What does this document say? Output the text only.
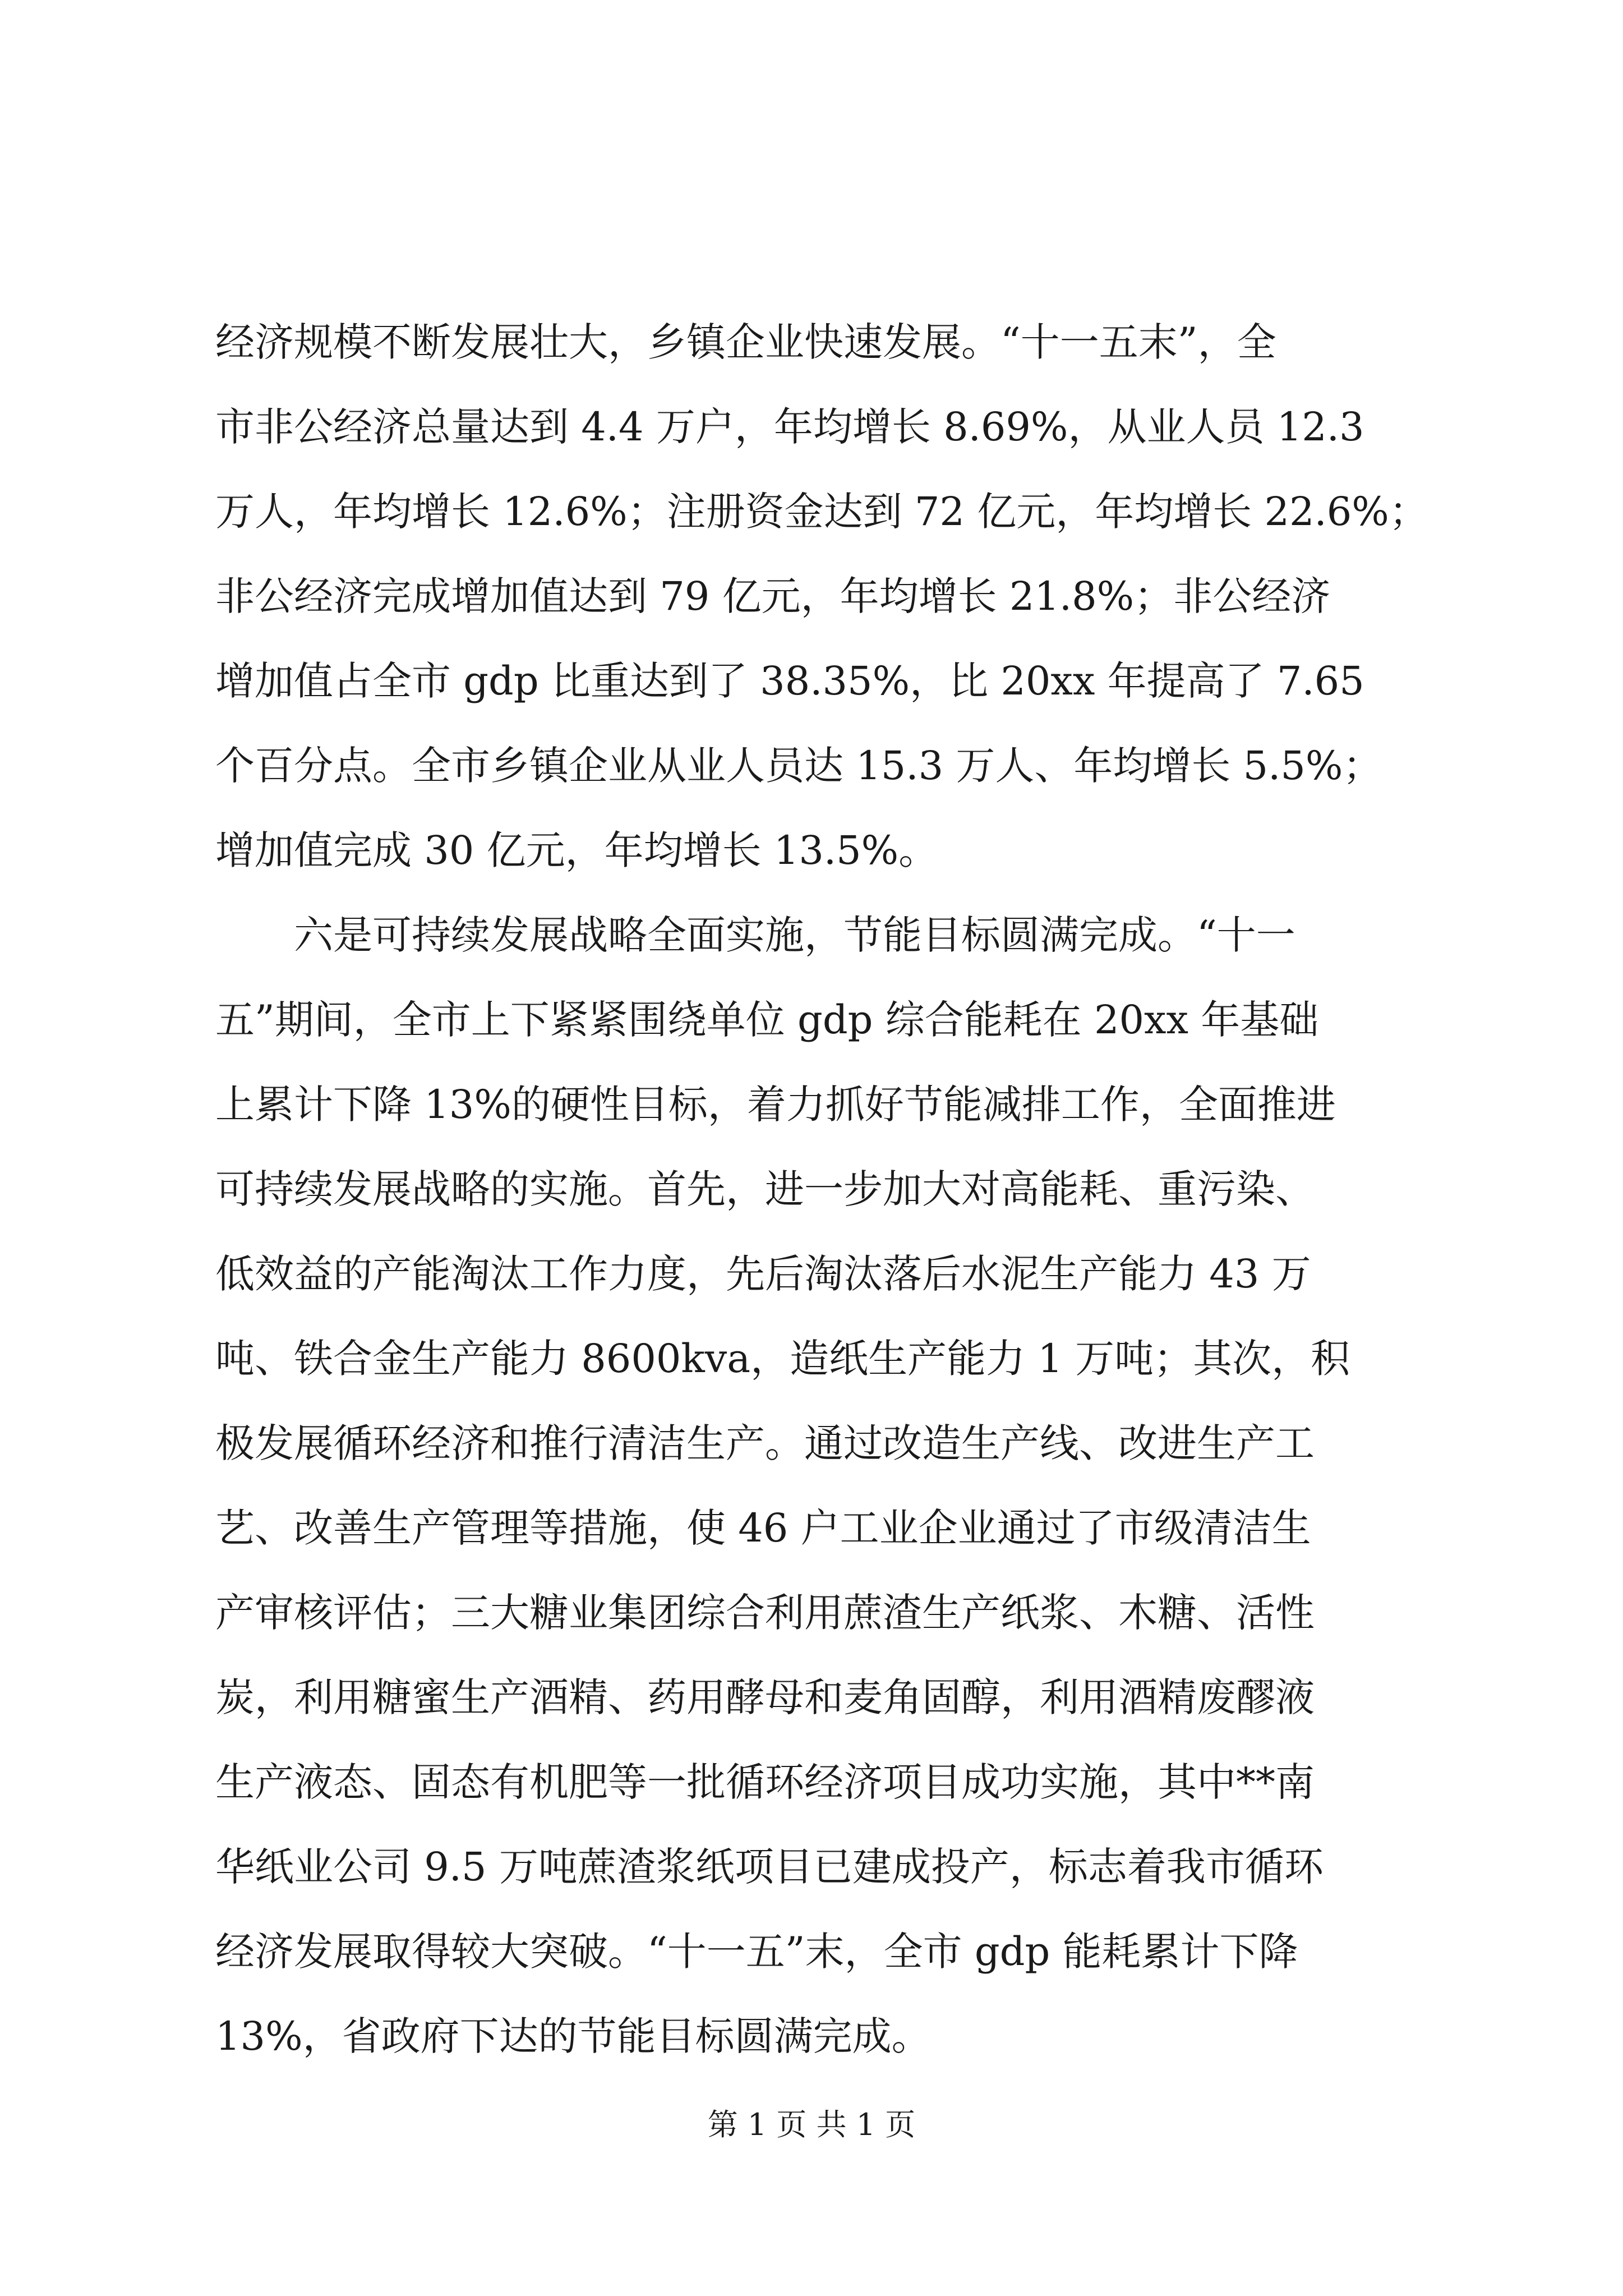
经济规模不断发展壮大，乡镇企业快速发展。“十一五末”，全
市非公经济总量达到 4.4 万户，年均增长 8.69%，从业人员 12.3
万人，年均增长 12.6%；注册资金达到 72 亿元，年均增长 22.6%；
非公经济完成增加值达到 79 亿元，年均增长 21.8%；非公经济
增加值占全市 gdp 比重达到了 38.35%，比 20xx 年提高了 7.65
个百分点。全市乡镇企业从业人员达 15.3 万人、年均增长 5.5%；
增加值完成 30 亿元，年均增长 13.5%。
　　六是可持续发展战略全面实施，节能目标圆满完成。“十一
五”期间，全市上下紧紧围绕单位 gdp 综合能耗在 20xx 年基础
上累计下降 13%的硬性目标，着力抓好节能减排工作，全面推进
可持续发展战略的实施。首先，进一步加大对高能耗、重污染、
低效益的产能淘汰工作力度，先后淘汰落后水泥生产能力 43 万
吨、铁合金生产能力 8600kva，造纸生产能力 1 万吨；其次，积
极发展循环经济和推行清洁生产。通过改造生产线、改进生产工
艺、改善生产管理等措施，使 46 户工业企业通过了市级清洁生
产审核评估；三大糖业集团综合利用蔗渣生产纸浆、木糖、活性
炭，利用糖蜜生产酒精、药用酵母和麦角固醇，利用酒精废醪液
生产液态、固态有机肥等一批循环经济项目成功实施，其中**南
华纸业公司 9.5 万吨蔗渣浆纸项目已建成投产，标志着我市循环
经济发展取得较大突破。“十一五”末，全市 gdp 能耗累计下降
13%，省政府下达的节能目标圆满完成。
第 1 页 共 1 页
